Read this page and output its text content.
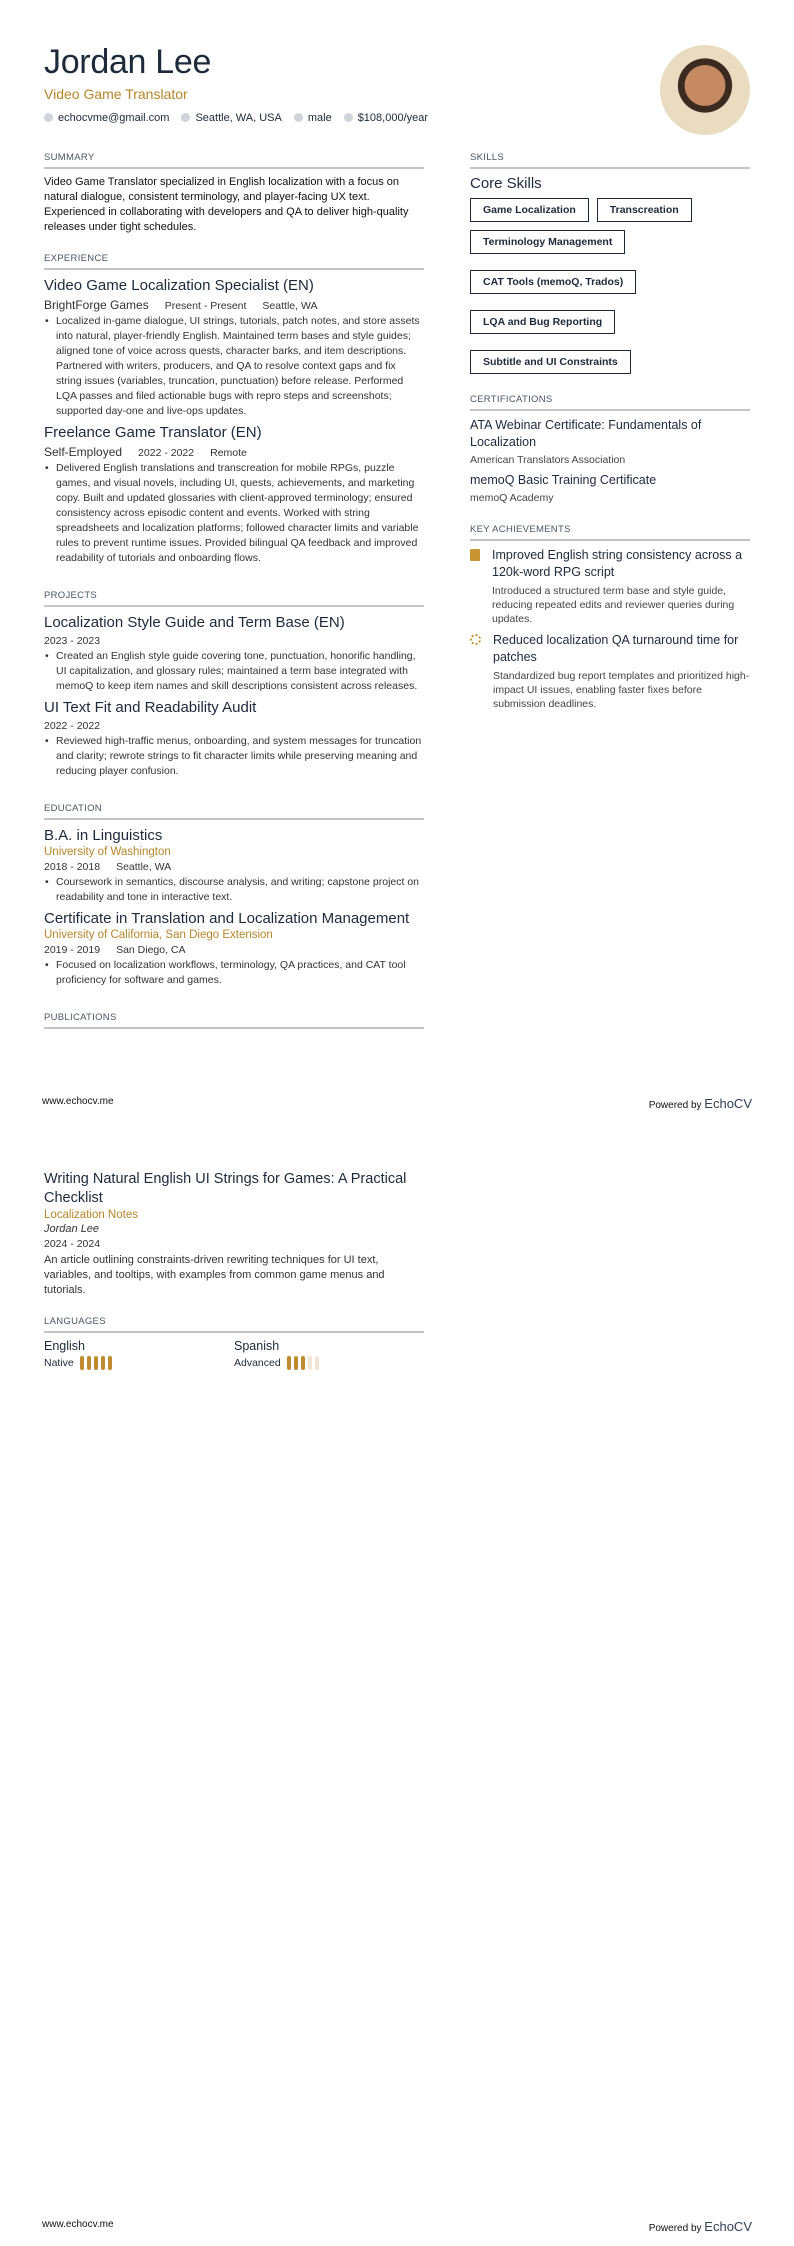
Jordan Lee
Video Game Translator
echocvme@gmail.com	Seattle, WA, USA	male	$108,000/year
SUMMARY

Video Game Translator specialized in English localization with a focus on natural dialogue, consistent terminology, and player-facing UX text. Experienced in collaborating with developers and QA to deliver high-quality releases under tight schedules.

EXPERIENCE
Video Game Localization Specialist (EN)
BrightForge Games Present - Present Seattle, WA
• Localized in-game dialogue, UI strings, tutorials, patch notes, and store assets into natural, player-friendly English. Maintained term bases and style guides; aligned tone of voice across quests, character barks, and item descriptions. Partnered with writers, producers, and QA to resolve context gaps and fix string issues (variables, truncation, punctuation) before release. Performed LQA passes and filed actionable bugs with repro steps and screenshots; supported day-one and live-ops updates.
Freelance Game Translator (EN)
Self-Employed 2022 - 2022 Remote
• Delivered English translations and transcreation for mobile RPGs, puzzle games, and visual novels, including UI, quests, achievements, and marketing copy. Built and updated glossaries with client-approved terminology; ensured consistency across episodic content and events. Worked with string spreadsheets and localization platforms; followed character limits and variable rules to prevent runtime issues. Provided bilingual QA feedback and improved readability of tutorials and onboarding flows.
PROJECTS
Localization Style Guide and Term Base (EN)
2023 - 2023
• Created an English style guide covering tone, punctuation, honorific handling, UI capitalization, and glossary rules; maintained a term base integrated with memoQ to keep item names and skill descriptions consistent across releases.
UI Text Fit and Readability Audit
2022 - 2022
• Reviewed high-traffic menus, onboarding, and system messages for truncation and clarity; rewrote strings to fit character limits while preserving meaning and reducing player confusion.
EDUCATION
B.A. in Linguistics
University of Washington
2018 - 2018 Seattle, WA
• Coursework in semantics, discourse analysis, and writing; capstone project on readability and tone in interactive text.
Certificate in Translation and Localization Management
University of California, San Diego Extension
2019 - 2019 San Diego, CA
• Focused on localization workflows, terminology, QA practices, and CAT tool proficiency for software and games.
PUBLICATIONS
SKILLS
Core Skills
Game Localization	Transcreation
Terminology Management
CAT Tools (memoQ, Trados)
LQA and Bug Reporting
Subtitle and UI Constraints
CERTIFICATIONS
ATA Webinar Certificate: Fundamentals of Localization
American Translators Association
memoQ Basic Training Certificate
memoQ Academy
KEY ACHIEVEMENTS
Improved English string consistency across a 120k-word RPG script
Introduced a structured term base and style guide, reducing repeated edits and reviewer queries during updates.
Reduced localization QA turnaround time for patches
Standardized bug report templates and prioritized high-impact UI issues, enabling faster fixes before submission deadlines.
www.echocv.me	Powered by EchoCV
Writing Natural English UI Strings for Games: A Practical Checklist
Localization Notes
Jordan Lee
2024 - 2024

An article outlining constraints-driven rewriting techniques for UI text, variables, and tooltips, with examples from common game menus and tutorials.

LANGUAGES
English
Native
Spanish
Advanced
www.echocv.me	Powered by EchoCV
